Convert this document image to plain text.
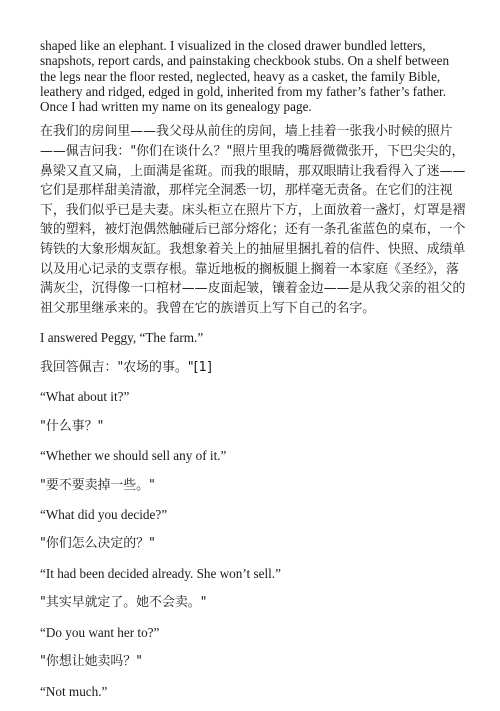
shaped like an elephant. I visualized in the closed drawer bundled letters, snapshots, report cards, and painstaking checkbook stubs. On a shelf between the legs near the floor rested, neglected, heavy as a casket, the family Bible, leathery and ridged, edged in gold, inherited from my father’s father’s father. Once I had written my name on its genealogy page.

在我们的房间里——我父母从前住的房间，墙上挂着一张我小时候的照片——佩吉问我："你们在谈什么？"照片里我的嘴唇微微张开，下巴尖尖的，鼻梁又直又扁，上面满是雀斑。而我的眼睛，那双眼睛让我看得入了迷——它们是那样甜美清澈，那样完全洞悉一切，那样毫无责备。在它们的注视下，我们似乎已是夫妻。床头柜立在照片下方，上面放着一盏灯，灯罩是褶皱的塑料，被灯泡偶然触碰后已部分熔化；还有一条孔雀蓝色的桌布，一个铸铁的大象形烟灰缸。我想象着关上的抽屉里捆扎着的信件、快照、成绩单以及用心记录的支票存根。靠近地板的搁板腿上搁着一本家庭《圣经》，落满灰尘，沉得像一口棺材——皮面起皱，镶着金边——是从我父亲的祖父的祖父那里继承来的。我曾在它的族谱页上写下自己的名字。

I answered Peggy, “The farm.”

我回答佩吉："农场的事。"[1]

“What about it?”

"什么事？"

“Whether we should sell any of it.”

"要不要卖掉一些。"

“What did you decide?”

"你们怎么决定的？"

“It had been decided already. She won’t sell.”

"其实早就定了。她不会卖。"

“Do you want her to?”

"你想让她卖吗？"

“Not much.”
